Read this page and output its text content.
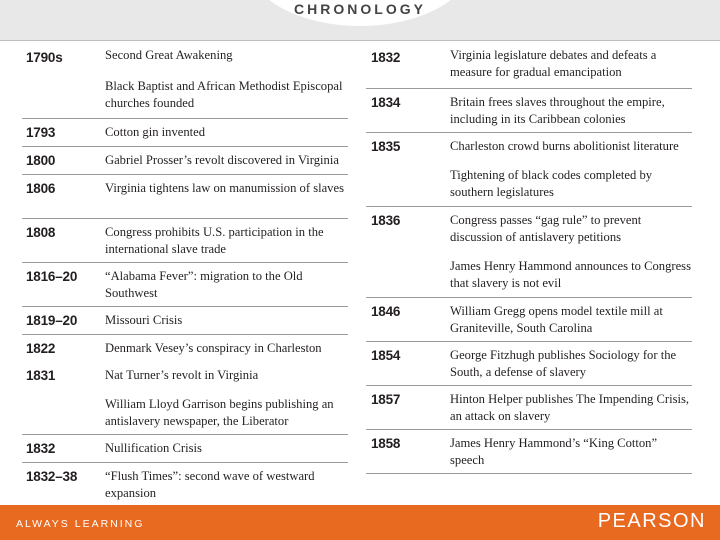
CHRONOLOGY
1790s	Second Great Awakening
Black Baptist and African Methodist Episcopal churches founded
1793	Cotton gin invented
1800	Gabriel Prosser’s revolt discovered in Virginia
1806	Virginia tightens law on manumission of slaves
1808	Congress prohibits U.S. participation in the international slave trade
1816–20 “Alabama Fever”: migration to the Old Southwest
1819–20 Missouri Crisis
1822	Denmark Vesey’s conspiracy in Charleston
1831	Nat Turner’s revolt in Virginia
William Lloyd Garrison begins publishing an antislavery newspaper, the Liberator
1832	Nullification Crisis
1832–38 “Flush Times”: second wave of westward expansion
1832	Virginia legislature debates and defeats a measure for gradual emancipation
1834	Britain frees slaves throughout the empire, including in its Caribbean colonies
1835	Charleston crowd burns abolitionist literature
Tightening of black codes completed by southern legislatures
1836	Congress passes “gag rule” to prevent discussion of antislavery petitions
James Henry Hammond announces to Congress that slavery is not evil
1846	William Gregg opens model textile mill at Graniteville, South Carolina
1854	George Fitzhugh publishes Sociology for the South, a defense of slavery
1857	Hinton Helper publishes The Impending Crisis, an attack on slavery
1858	James Henry Hammond’s “King Cotton” speech
ALWAYS LEARNING	PEARSON
